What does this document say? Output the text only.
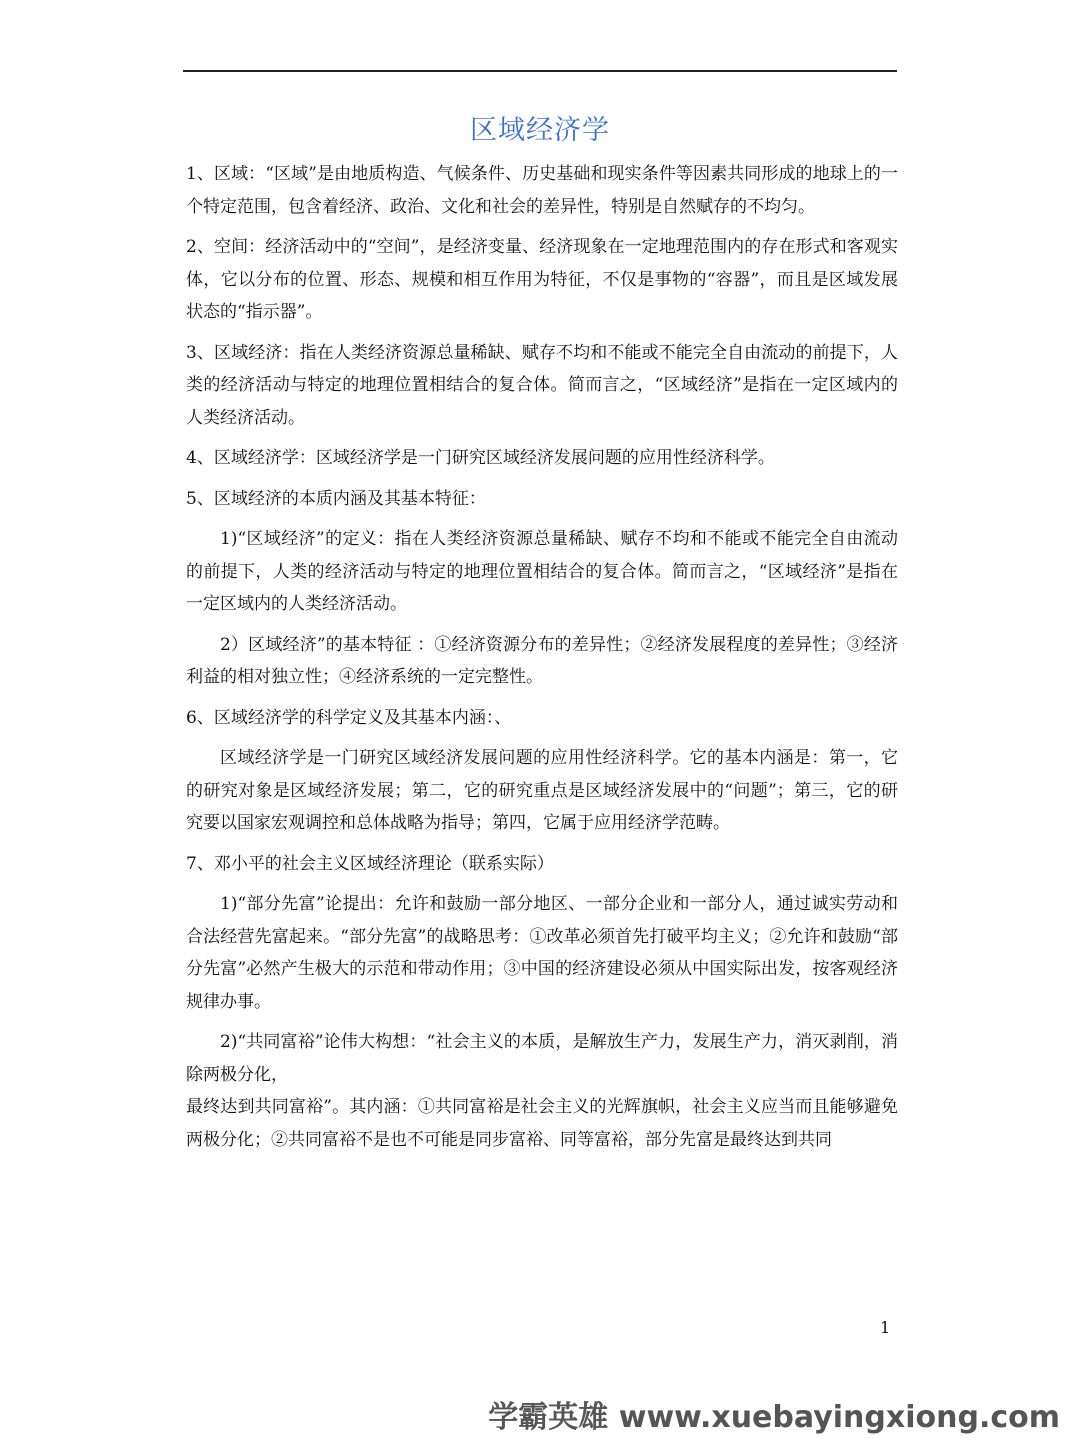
区域经济学

1、区域：“区域”是由地质构造、气候条件、历史基础和现实条件等因素共同形成的地球上的一个特定范围，包含着经济、政治、文化和社会的差异性，特别是自然赋存的不均匀。

2、空间：经济活动中的“空间”，是经济变量、经济现象在一定地理范围内的存在形式和客观实体，它以分布的位置、形态、规模和相互作用为特征，不仅是事物的“容器”，而且是区域发展状态的“指示器”。

3、区域经济：指在人类经济资源总量稀缺、赋存不均和不能或不能完全自由流动的前提下，人类的经济活动与特定的地理位置相结合的复合体。简而言之，“区域经济”是指在一定区域内的人类经济活动。

4、区域经济学：区域经济学是一门研究区域经济发展问题的应用性经济科学。

5、区域经济的本质内涵及其基本特征：

1)“区域经济”的定义：指在人类经济资源总量稀缺、赋存不均和不能或不能完全自由流动的前提下，人类的经济活动与特定的地理位置相结合的复合体。简而言之，“区域经济”是指在一定区域内的人类经济活动。

2）区域经济”的基本特征 ：①经济资源分布的差异性；②经济发展程度的差异性；③经济利益的相对独立性；④经济系统的一定完整性。

6、区域经济学的科学定义及其基本内涵：、

区域经济学是一门研究区域经济发展问题的应用性经济科学。它的基本内涵是：第一，它的研究对象是区域经济发展；第二，它的研究重点是区域经济发展中的“问题”；第三，它的研究要以国家宏观调控和总体战略为指导；第四，它属于应用经济学范畴。

7、邓小平的社会主义区域经济理论（联系实际）

1)“部分先富”论提出：允许和鼓励一部分地区、一部分企业和一部分人，通过诚实劳动和合法经营先富起来。“部分先富”的战略思考：①改革必须首先打破平均主义；②允许和鼓励“部分先富”必然产生极大的示范和带动作用；③中国的经济建设必须从中国实际出发，按客观经济规律办事。

2)“共同富裕”论伟大构想：“社会主义的本质，是解放生产力，发展生产力，消灭剥削，消除两极分化，

最终达到共同富裕”。其内涵：①共同富裕是社会主义的光辉旗帜，社会主义应当而且能够避免两极分化；②共同富裕不是也不可能是同步富裕、同等富裕，部分先富是最终达到共同

1
学霸英雄 www.xuebayingxiong.com
